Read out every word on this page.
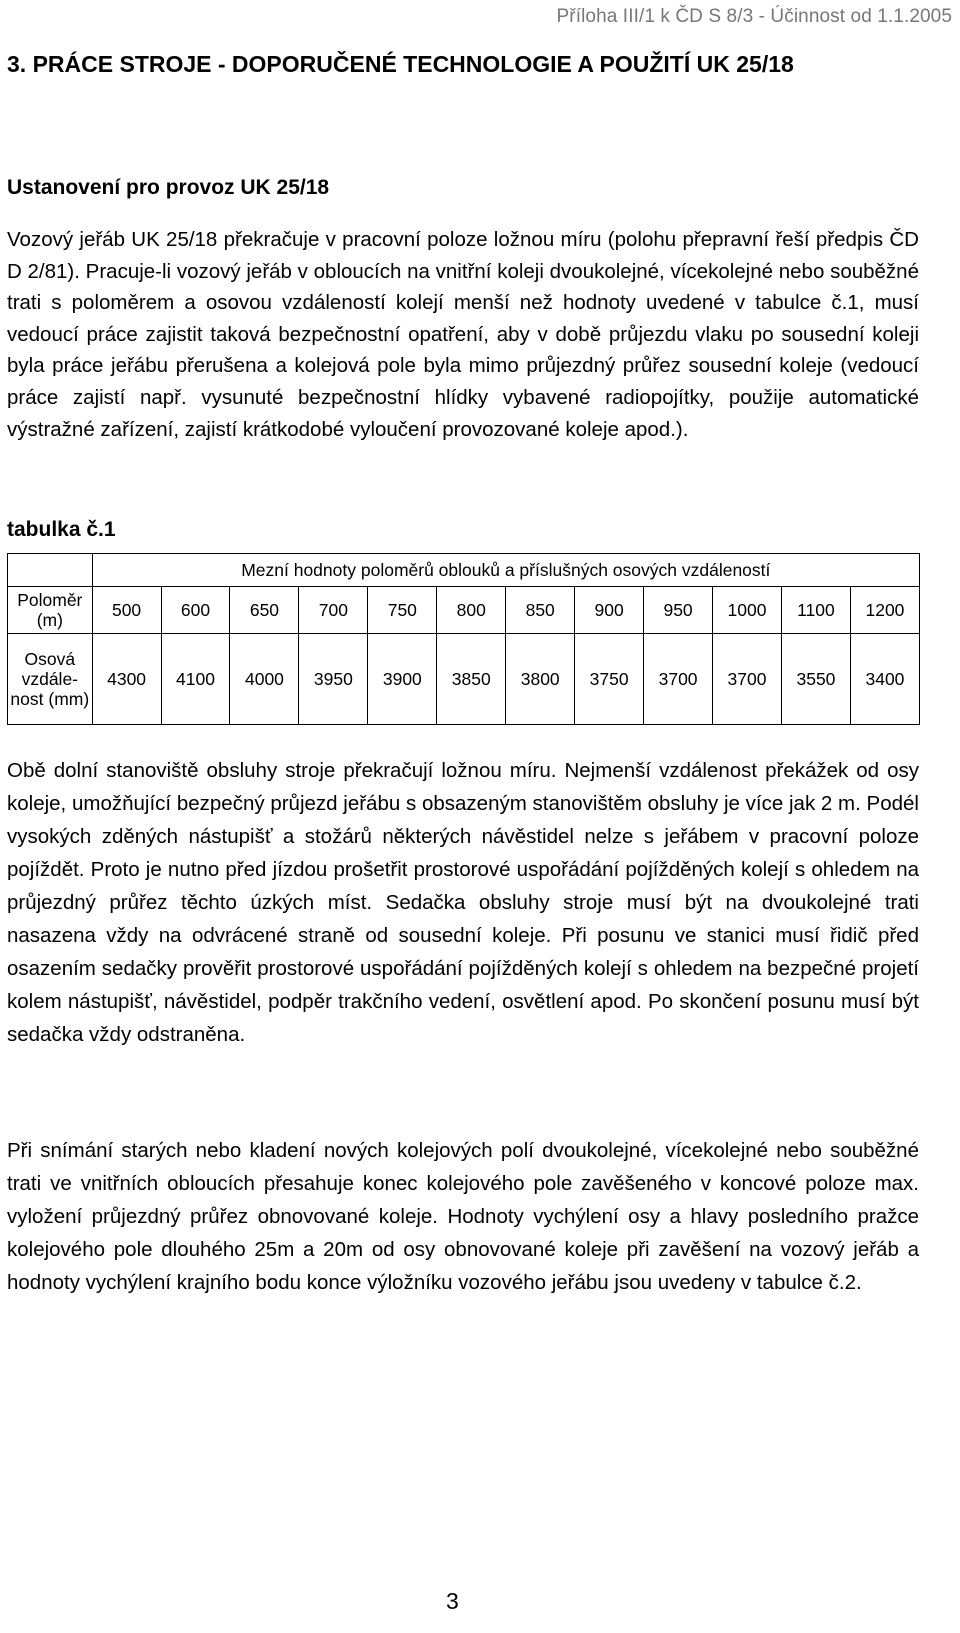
Příloha III/1 k ČD S 8/3 - Účinnost od 1.1.2005
3. PRÁCE STROJE - DOPORUČENÉ TECHNOLOGIE A POUŽITÍ UK 25/18
Ustanovení pro provoz UK 25/18

Vozový jeřáb UK 25/18 překračuje v pracovní poloze ložnou míru (polohu přepravní řeší předpis ČD D 2/81). Pracuje-li vozový jeřáb v obloucích na vnitřní koleji dvoukolejné, vícekolejné nebo souběžné trati s poloměrem a osovou vzdáleností kolejí menší než hodnoty uvedené v tabulce č.1, musí vedoucí práce zajistit taková bezpečnostní opatření, aby v době průjezdu vlaku po sousední koleji byla práce jeřábu přerušena a kolejová pole byla mimo průjezdný průřez sousední koleje (vedoucí práce zajistí např. vysunuté bezpečnostní hlídky vybavené radiopojítky, použije automatické výstražné zařízení, zajistí krátkodobé vyloučení provozované koleje apod.).

tabulka č.1
	Mezní hodnoty poloměrů oblouků a příslušných osových vzdáleností											
Poloměr (m)	500	600	650	700	750	800	850	900	950	1000	1100	1200
Osová vzdále-nost (mm)	4300	4100	4000	3950	3900	3850	3800	3750	3700	3700	3550	3400

Obě dolní stanoviště obsluhy stroje překračují ložnou míru. Nejmenší vzdálenost překážek od osy koleje, umožňující bezpečný průjezd jeřábu s obsazeným stanovištěm obsluhy je více jak 2 m. Podél vysokých zděných nástupišť a stožárů některých návěstidel nelze s jeřábem v pracovní poloze pojíždět. Proto je nutno před jízdou prošetřit prostorové uspořádání pojížděných kolejí s ohledem na průjezdný průřez těchto úzkých míst. Sedačka obsluhy stroje musí být na dvoukolejné trati nasazena vždy na odvrácené straně od sousední koleje. Při posunu ve stanici musí řidič před osazením sedačky prověřit prostorové uspořádání pojížděných kolejí s ohledem na bezpečné projetí kolem nástupišť, návěstidel, podpěr trakčního vedení, osvětlení apod. Po skončení posunu musí být sedačka vždy odstraněna.

Při snímání starých nebo kladení nových kolejových polí dvoukolejné, vícekolejné nebo souběžné trati ve vnitřních obloucích přesahuje konec kolejového pole zavěšeného v koncové poloze max. vyložení průjezdný průřez obnovované koleje. Hodnoty vychýlení osy a hlavy posledního pražce kolejového pole dlouhého 25m a 20m od osy obnovované koleje při zavěšení na vozový jeřáb a hodnoty vychýlení krajního bodu konce výložníku vozového jeřábu jsou uvedeny v tabulce č.2.

3
